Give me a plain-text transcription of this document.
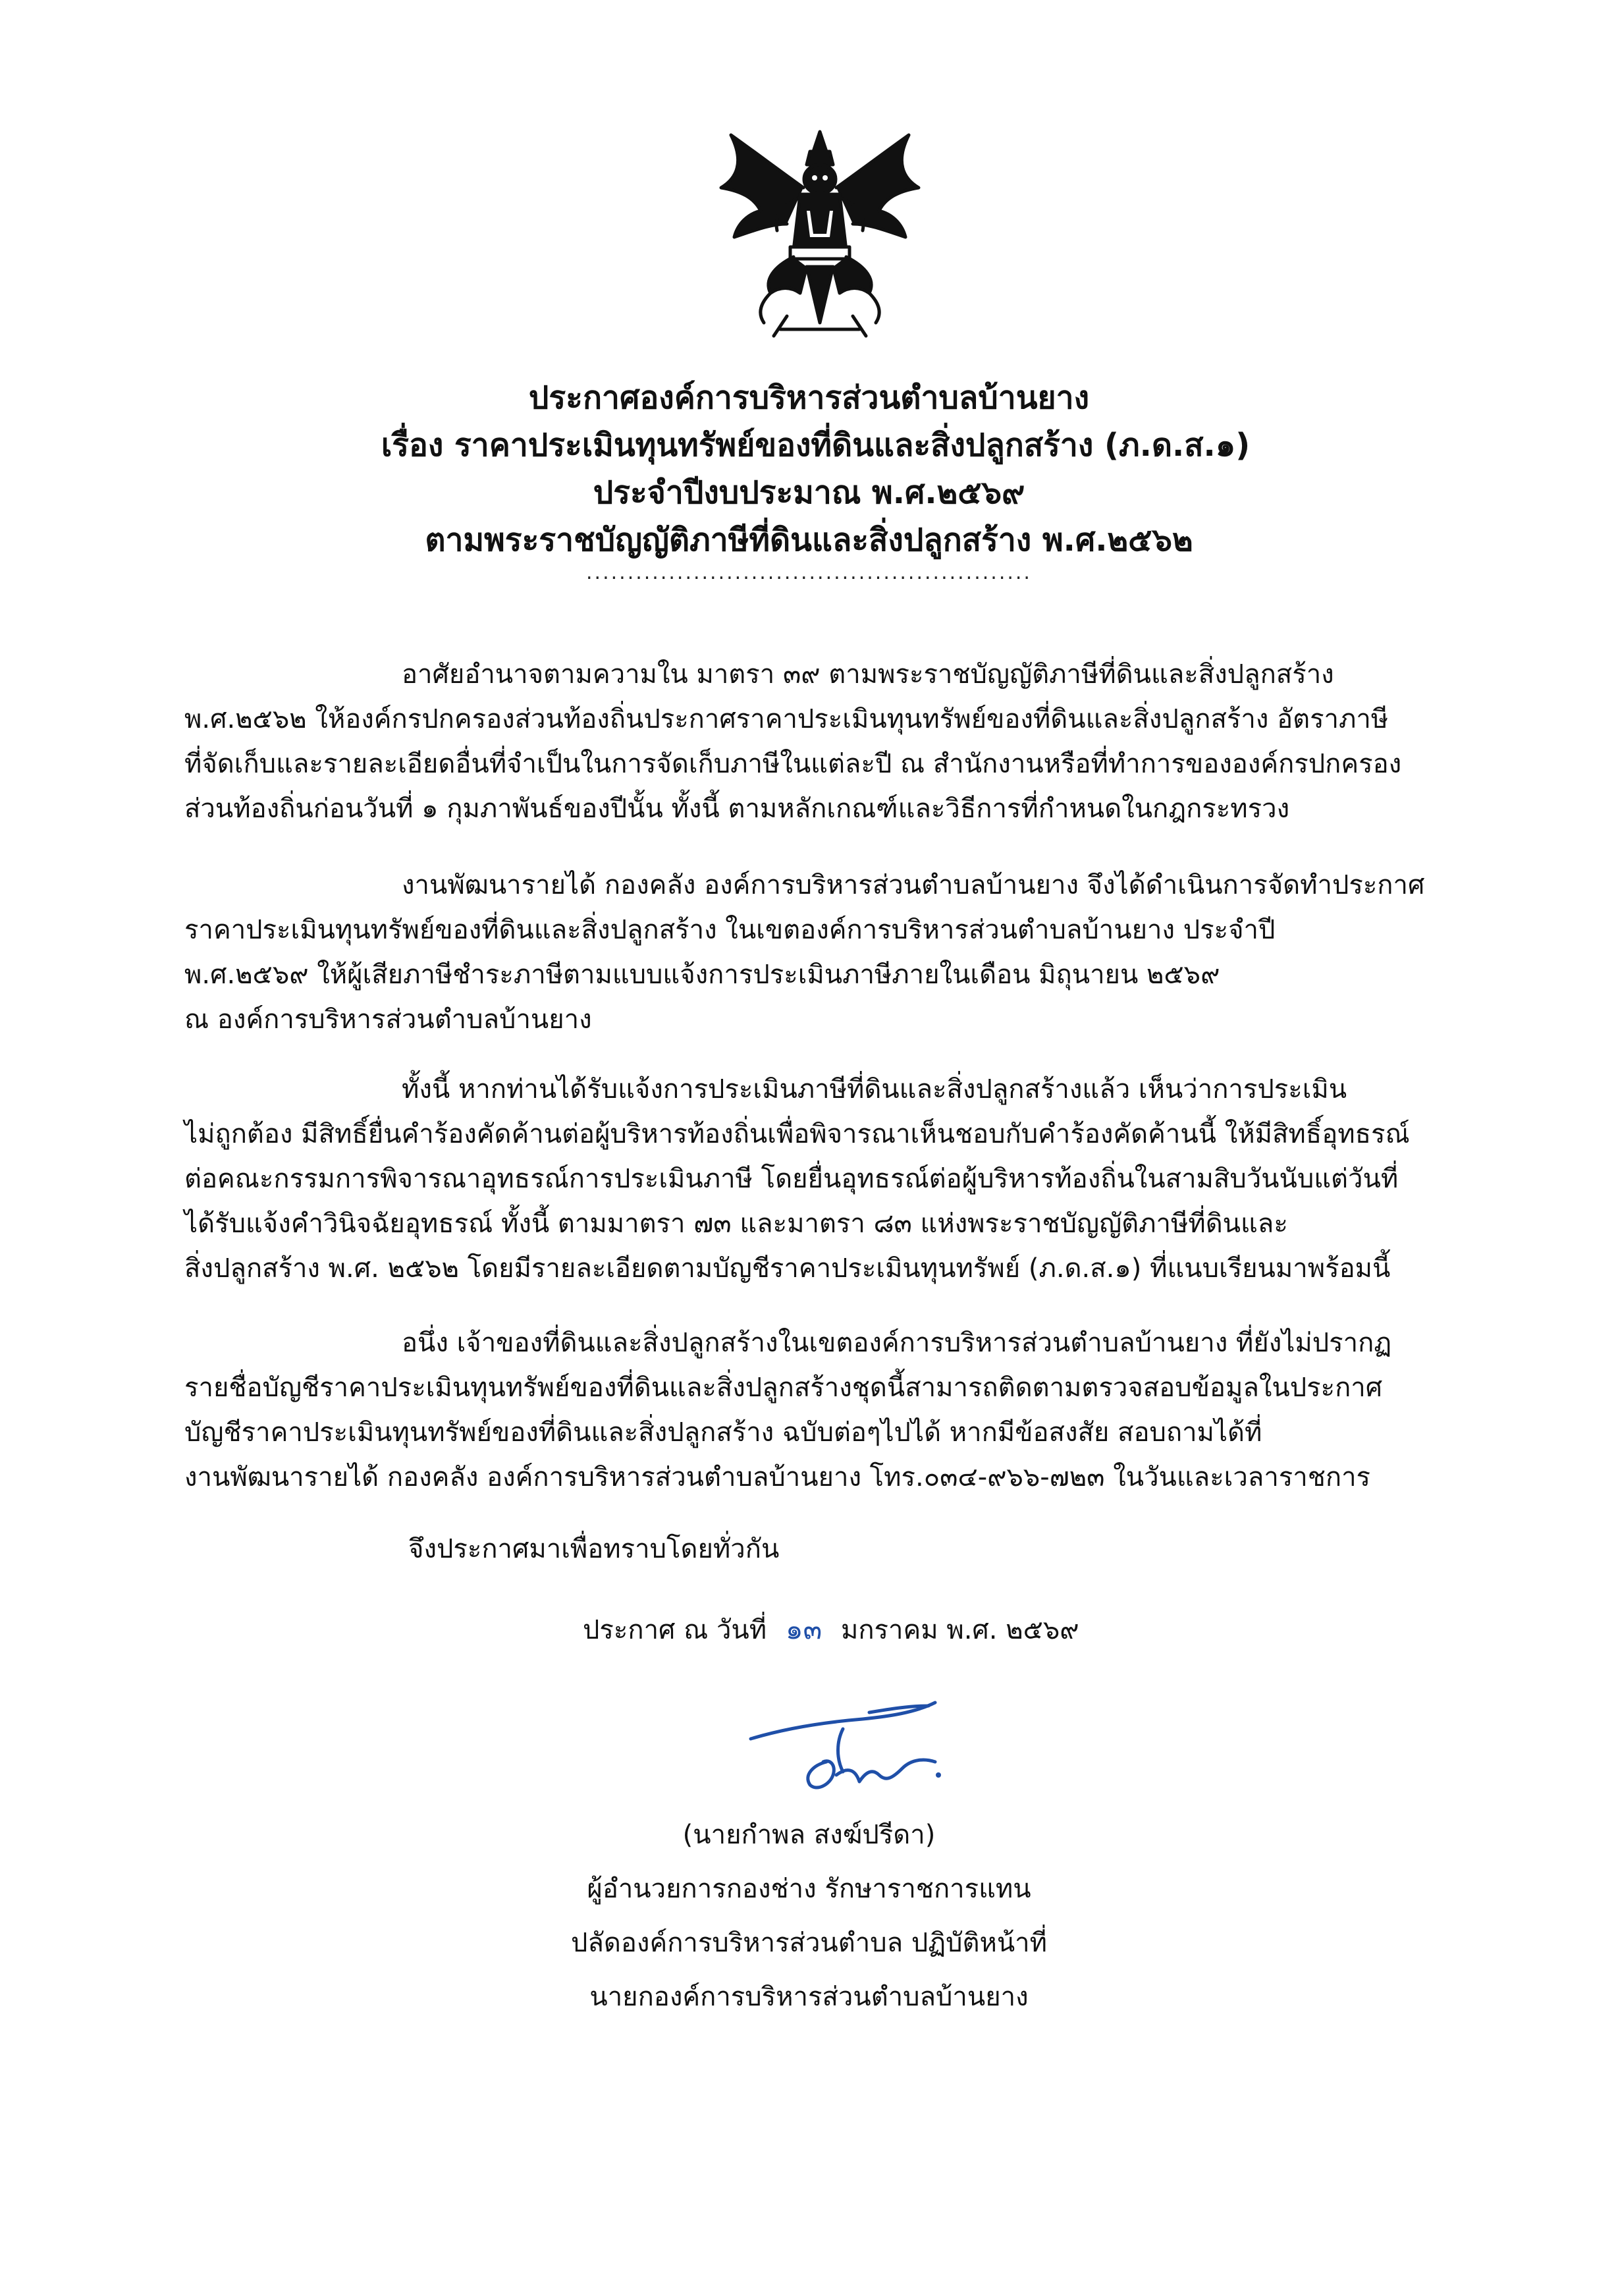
ประกาศองค์การบริหารส่วนตำบลบ้านยาง

เรื่อง ราคาประเมินทุนทรัพย์ของที่ดินและสิ่งปลูกสร้าง (ภ.ด.ส.๑)

ประจำปีงบประมาณ พ.ศ.๒๕๖๙

ตามพระราชบัญญัติภาษีที่ดินและสิ่งปลูกสร้าง พ.ศ.๒๕๖๒

......................................................
อาศัยอำนาจตามความใน มาตรา ๓๙ ตามพระราชบัญญัติภาษีที่ดินและสิ่งปลูกสร้าง
พ.ศ.๒๕๖๒ ให้องค์กรปกครองส่วนท้องถิ่นประกาศราคาประเมินทุนทรัพย์ของที่ดินและสิ่งปลูกสร้าง อัตราภาษี
ที่จัดเก็บและรายละเอียดอื่นที่จำเป็นในการจัดเก็บภาษีในแต่ละปี ณ สำนักงานหรือที่ทำการขององค์กรปกครอง
ส่วนท้องถิ่นก่อนวันที่ ๑ กุมภาพันธ์ของปีนั้น ทั้งนี้ ตามหลักเกณฑ์และวิธีการที่กำหนดในกฎกระทรวง
งานพัฒนารายได้ กองคลัง องค์การบริหารส่วนตำบลบ้านยาง จึงได้ดำเนินการจัดทำประกาศ
ราคาประเมินทุนทรัพย์ของที่ดินและสิ่งปลูกสร้าง ในเขตองค์การบริหารส่วนตำบลบ้านยาง ประจำปี
พ.ศ.๒๕๖๙ ให้ผู้เสียภาษีชำระภาษีตามแบบแจ้งการประเมินภาษีภายในเดือน มิถุนายน ๒๕๖๙
ณ องค์การบริหารส่วนตำบลบ้านยาง
ทั้งนี้ หากท่านได้รับแจ้งการประเมินภาษีที่ดินและสิ่งปลูกสร้างแล้ว เห็นว่าการประเมิน
ไม่ถูกต้อง มีสิทธิ์ยื่นคำร้องคัดค้านต่อผู้บริหารท้องถิ่นเพื่อพิจารณาเห็นชอบกับคำร้องคัดค้านนี้ ให้มีสิทธิ์อุทธรณ์
ต่อคณะกรรมการพิจารณาอุทธรณ์การประเมินภาษี โดยยื่นอุทธรณ์ต่อผู้บริหารท้องถิ่นในสามสิบวันนับแต่วันที่
ได้รับแจ้งคำวินิจฉัยอุทธรณ์ ทั้งนี้ ตามมาตรา ๗๓ และมาตรา ๘๓ แห่งพระราชบัญญัติภาษีที่ดินและ
สิ่งปลูกสร้าง พ.ศ. ๒๕๖๒ โดยมีรายละเอียดตามบัญชีราคาประเมินทุนทรัพย์ (ภ.ด.ส.๑) ที่แนบเรียนมาพร้อมนี้
อนึ่ง เจ้าของที่ดินและสิ่งปลูกสร้างในเขตองค์การบริหารส่วนตำบลบ้านยาง ที่ยังไม่ปรากฏ
รายชื่อบัญชีราคาประเมินทุนทรัพย์ของที่ดินและสิ่งปลูกสร้างชุดนี้สามารถติดตามตรวจสอบข้อมูลในประกาศ
บัญชีราคาประเมินทุนทรัพย์ของที่ดินและสิ่งปลูกสร้าง ฉบับต่อๆไปได้ หากมีข้อสงสัย สอบถามได้ที่
งานพัฒนารายได้ กองคลัง องค์การบริหารส่วนตำบลบ้านยาง โทร.๐๓๔-๙๖๖-๗๒๓ ในวันและเวลาราชการ
จึงประกาศมาเพื่อทราบโดยทั่วกัน
ประกาศ ณ วันที่ ๑๓ มกราคม พ.ศ. ๒๕๖๙
(นายกำพล สงฆ์ปรีดา)
ผู้อำนวยการกองช่าง รักษาราชการแทน
ปลัดองค์การบริหารส่วนตำบล ปฏิบัติหน้าที่
นายกองค์การบริหารส่วนตำบลบ้านยาง
